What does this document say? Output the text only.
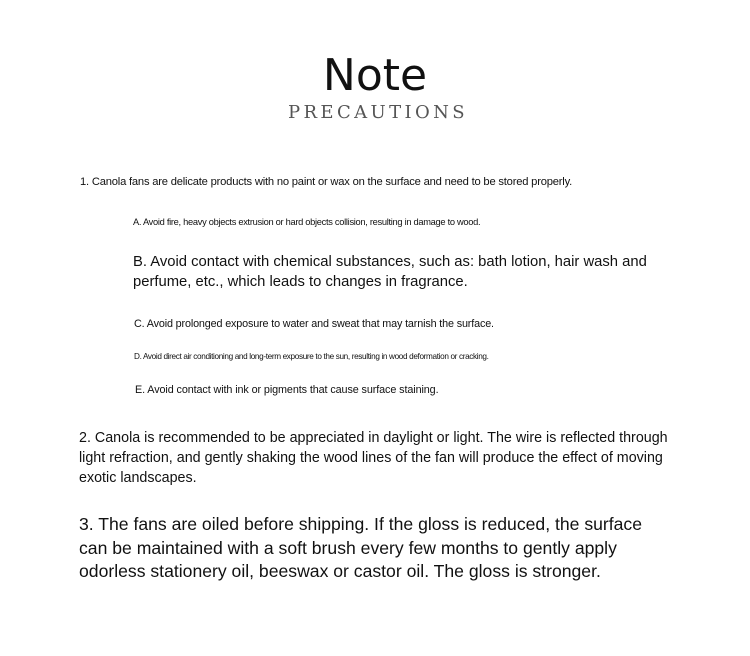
Note
PRECAUTIONS

1. Canola fans are delicate products with no paint or wax on the surface and need to be stored properly.

A. Avoid fire, heavy objects extrusion or hard objects collision, resulting in damage to wood.

B. Avoid contact with chemical substances, such as: bath lotion, hair wash and perfume, etc., which leads to changes in fragrance.

C. Avoid prolonged exposure to water and sweat that may tarnish the surface.

D. Avoid direct air conditioning and long-term exposure to the sun, resulting in wood deformation or cracking.

E. Avoid contact with ink or pigments that cause surface staining.

2. Canola is recommended to be appreciated in daylight or light. The wire is reflected through light refraction, and gently shaking the wood lines of the fan will produce the effect of moving exotic landscapes.

3. The fans are oiled before shipping. If the gloss is reduced, the surface can be maintained with a soft brush every few months to gently apply odorless stationery oil, beeswax or castor oil. The gloss is stronger.
